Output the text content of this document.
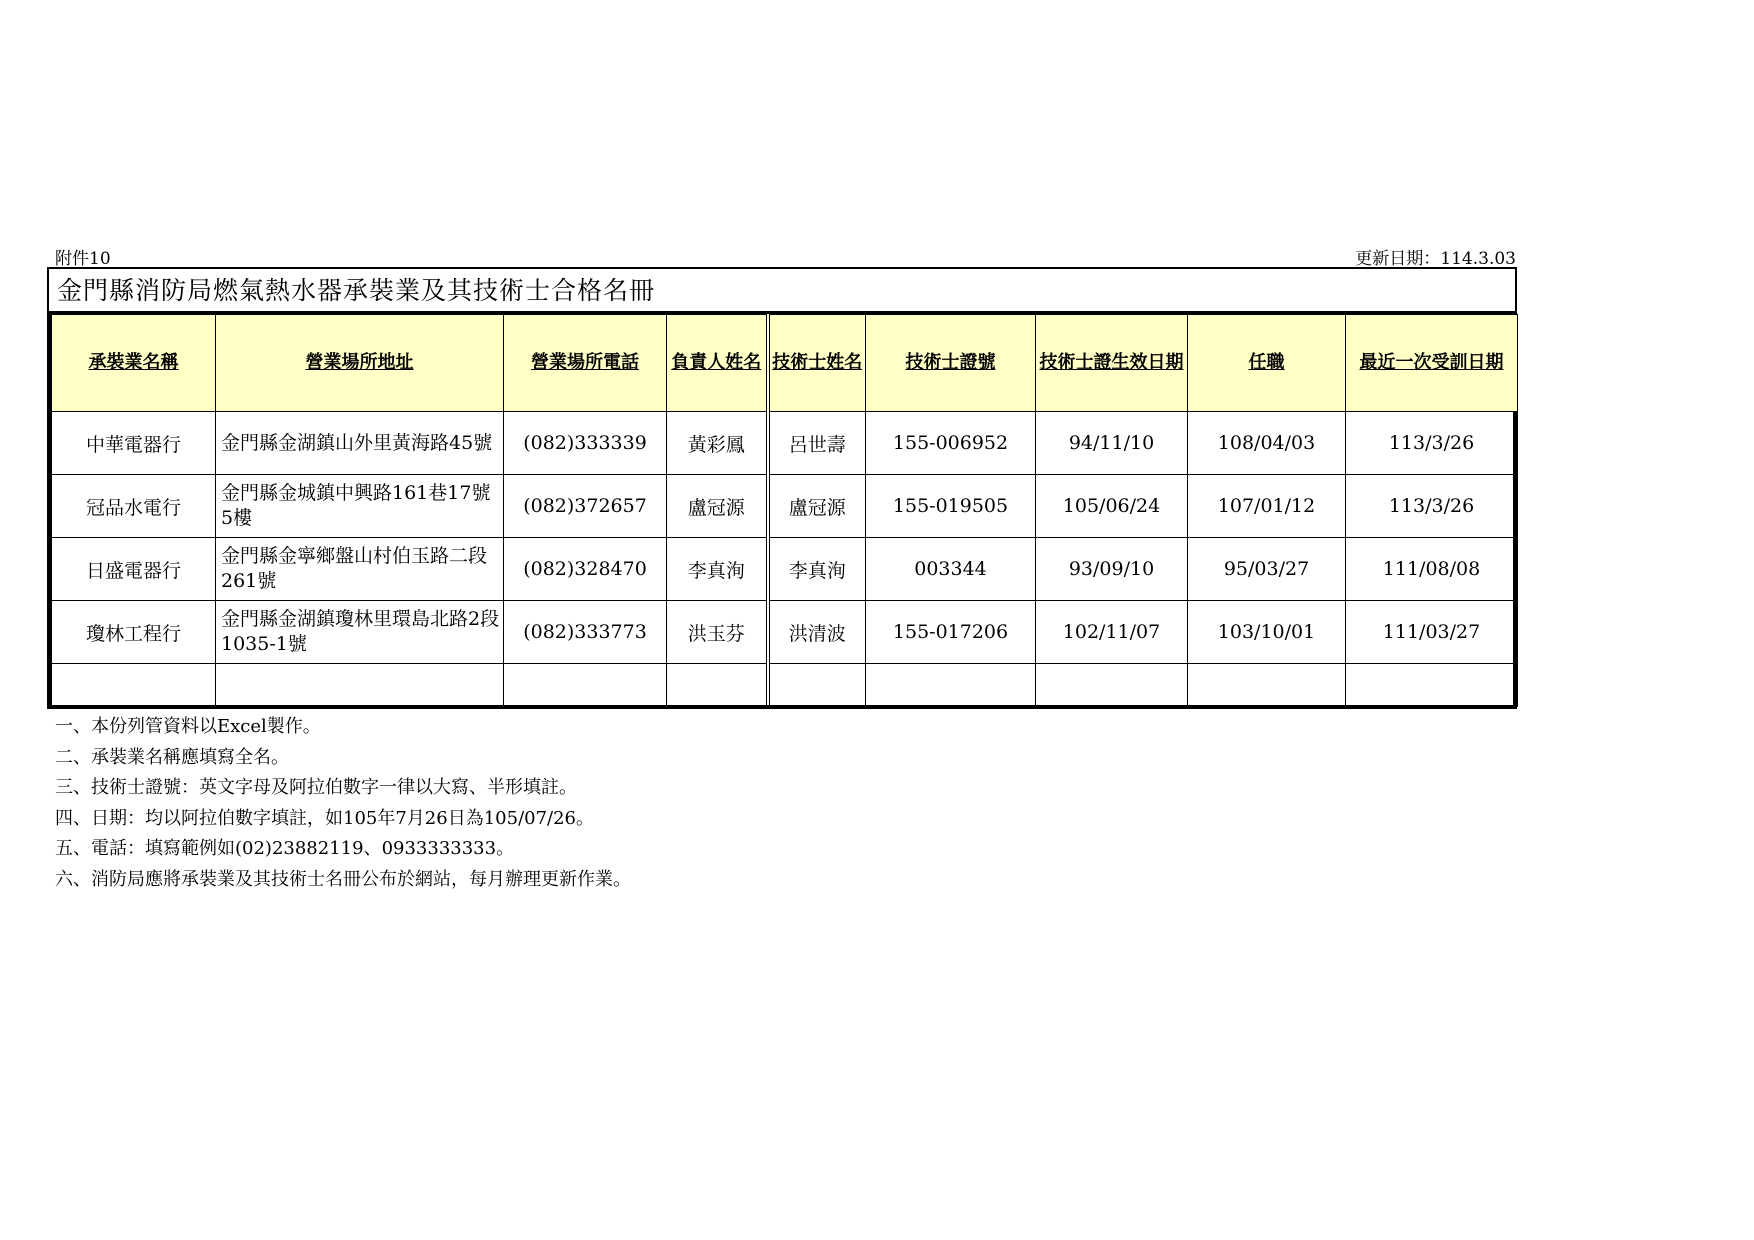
附件10	更新日期：114.3.03
金門縣消防局燃氣熱水器承裝業及其技術士合格名冊
承裝業名稱	營業場所地址	營業場所電話	負責人姓名	技術士姓名	技術士證號	技術士證生效日期	任職	最近一次受訓日期
中華電器行	金門縣金湖鎮山外里黃海路45號	(082)333339	黃彩鳳	呂世壽	155-006952	94/11/10	108/04/03	113/3/26
冠品水電行	金門縣金城鎮中興路161巷17號5樓	(082)372657	盧冠源	盧冠源	155-019505	105/06/24	107/01/12	113/3/26
日盛電器行	金門縣金寧鄉盤山村伯玉路二段261號	(082)328470	李真洵	李真洵	003344	93/09/10	95/03/27	111/08/08
瓊林工程行	金門縣金湖鎮瓊林里環島北路2段1035-1號	(082)333773	洪玉芬	洪清波	155-017206	102/11/07	103/10/01	111/03/27

一、本份列管資料以Excel製作。
二、承裝業名稱應填寫全名。
三、技術士證號：英文字母及阿拉伯數字一律以大寫、半形填註。
四、日期：均以阿拉伯數字填註，如105年7月26日為105/07/26。
五、電話：填寫範例如(02)23882119、0933333333。
六、消防局應將承裝業及其技術士名冊公布於網站，每月辦理更新作業。
